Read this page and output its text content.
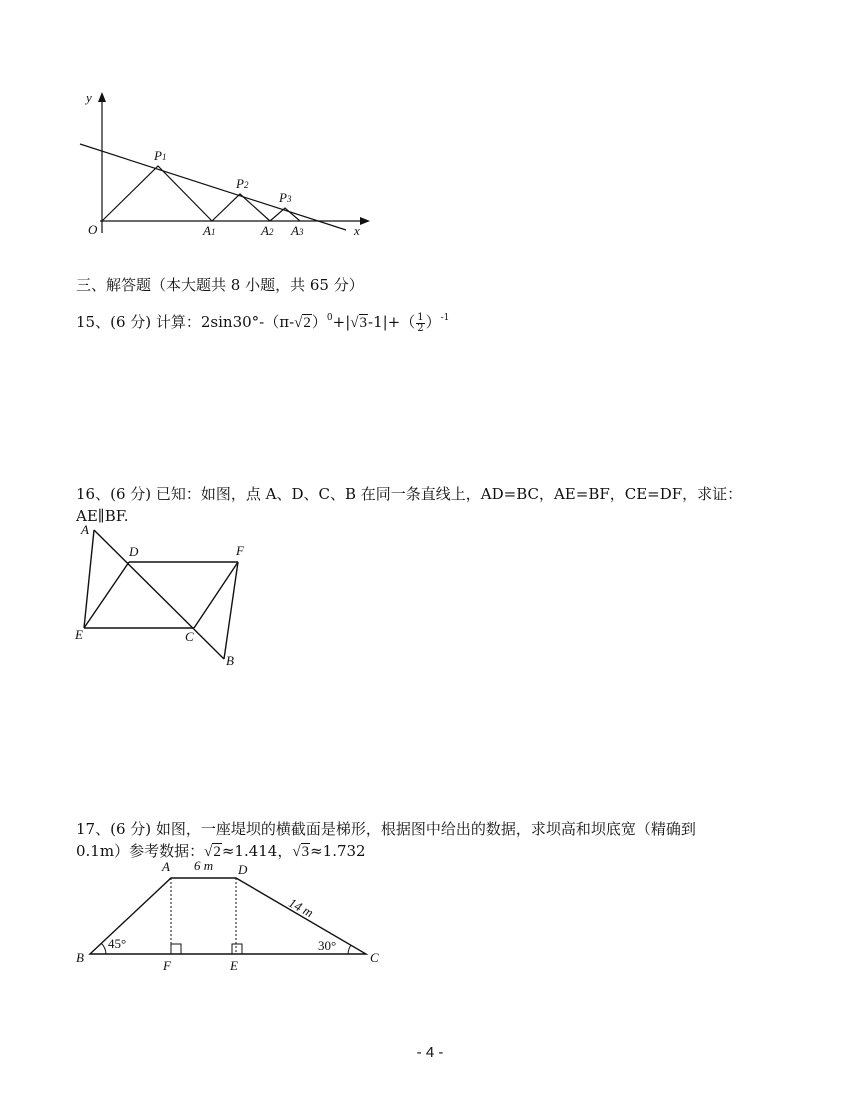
y
x
O
P1
P2
P3
A1	A2 A3
三、解答题（本大题共 8 小题，共 65 分）
15、(6 分) 计算：$2\sin 30^\circ-(\pi-√2)^0+|√3-1|+( \frac{1}{2} )^{-1}$
16、(6 分) 已知：如图，点 A、D、C、B 在同一条直线上，AD=BC，AE=BF，CE=DF，求证：
AE∥BF.
A
D	F
E	C
B
17、(6 分) 如图，一座堤坝的横截面是梯形，根据图中给出的数据，求坝高和坝底宽（精确到
0.1m）参考数据：√2≈1.414，√3≈1.732
A 6 m D
14 m
45°	30°
B
F	E
C
- 4 -
